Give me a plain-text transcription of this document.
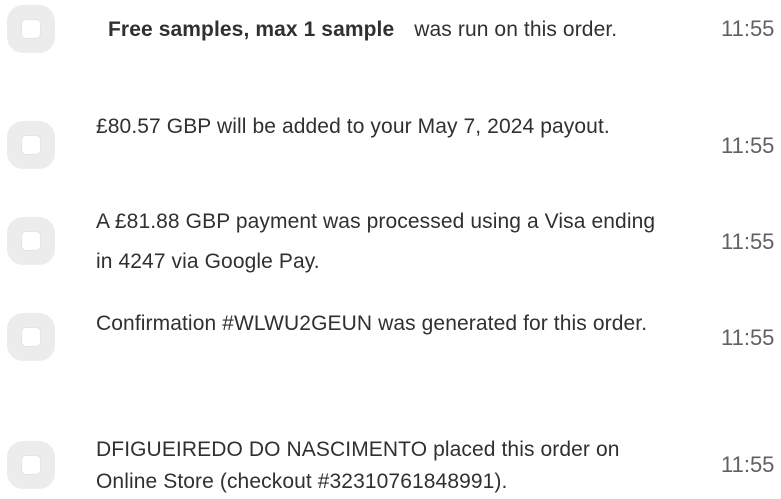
Free samples, max 1 sample was run on this order.	11:55
£80.57 GBP will be added to your May 7, 2024 payout.
11:55
A £81.88 GBP payment was processed using a Visa ending in 4247 via Google Pay.
11:55
Confirmation #WLWU2GEUN was generated for this order.
11:55
DFIGUEIREDO DO NASCIMENTO placed this order on Online Store (checkout #32310761848991).
11:55
